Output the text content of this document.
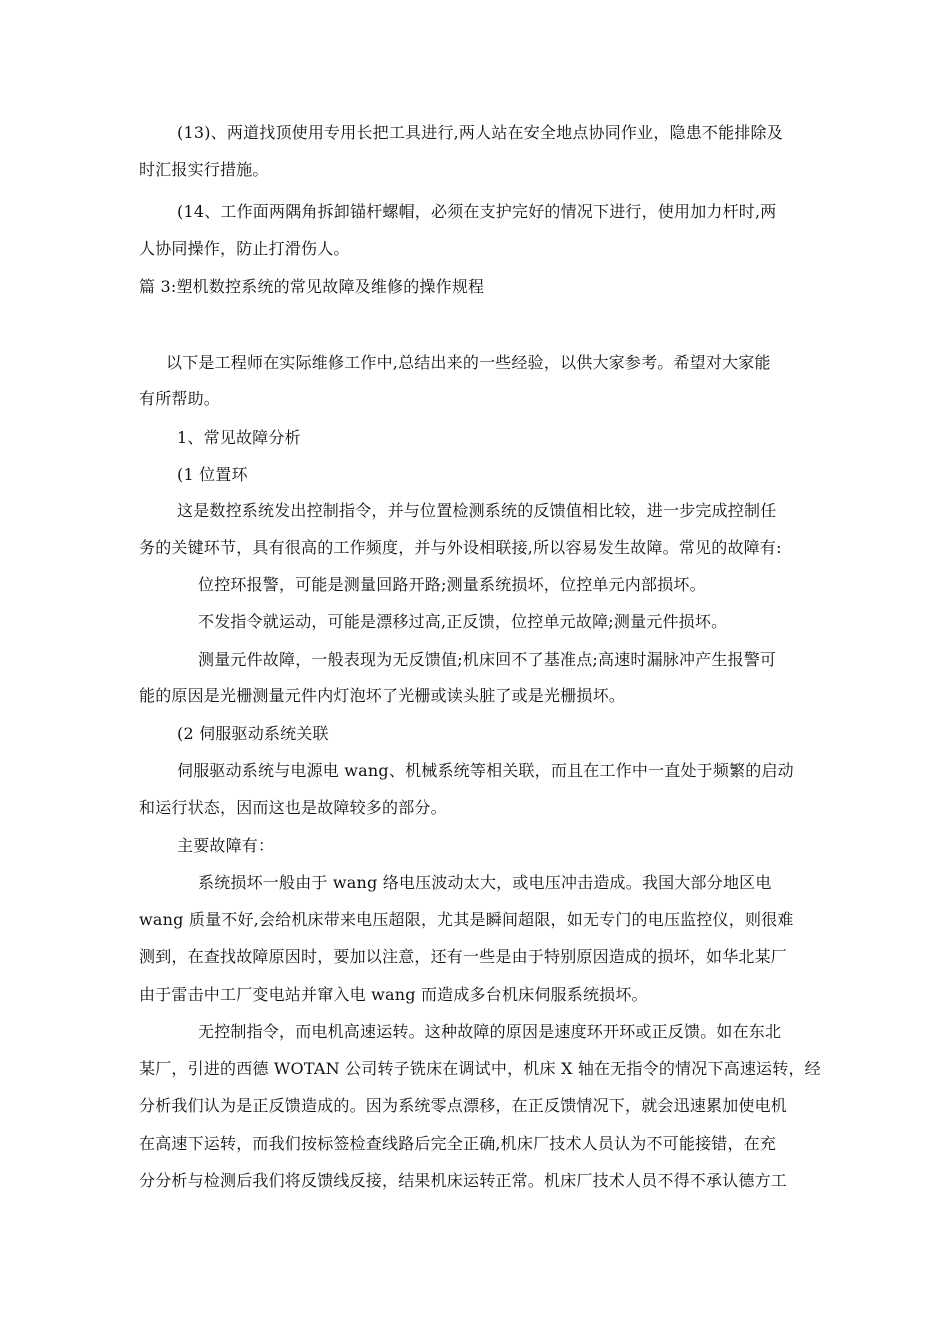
(13)、两道找顶使用专用长把工具进行,两人站在安全地点协同作业，隐患不能排除及
时汇报实行措施。
(14、工作面两隅角拆卸锚杆螺帽，必须在支护完好的情况下进行，使用加力杆时,两
人协同操作，防止打滑伤人。
篇 3:塑机数控系统的常见故障及维修的操作规程
以下是工程师在实际维修工作中,总结出来的一些经验，以供大家参考。希望对大家能
有所帮助。
1、常见故障分析
(1 位置环
这是数控系统发出控制指令，并与位置检测系统的反馈值相比较，进一步完成控制任
务的关键环节，具有很高的工作频度，并与外设相联接,所以容易发生故障。常见的故障有:
位控环报警，可能是测量回路开路;测量系统损坏，位控单元内部损坏。
不发指令就运动，可能是漂移过高,正反馈，位控单元故障;测量元件损坏。
测量元件故障，一般表现为无反馈值;机床回不了基准点;高速时漏脉冲产生报警可
能的原因是光栅测量元件内灯泡坏了光栅或读头脏了或是光栅损坏。
(2 伺服驱动系统关联
伺服驱动系统与电源电 wang、机械系统等相关联，而且在工作中一直处于频繁的启动
和运行状态，因而这也是故障较多的部分。
主要故障有：
系统损坏一般由于 wang 络电压波动太大，或电压冲击造成。我国大部分地区电
wang 质量不好,会给机床带来电压超限，尤其是瞬间超限，如无专门的电压监控仪，则很难
测到，在查找故障原因时，要加以注意，还有一些是由于特别原因造成的损坏，如华北某厂
由于雷击中工厂变电站并窜入电 wang 而造成多台机床伺服系统损坏。
无控制指令，而电机高速运转。这种故障的原因是速度环开环或正反馈。如在东北
某厂，引进的西德 WOTAN 公司转子铣床在调试中，机床 X 轴在无指令的情况下高速运转，经
分析我们认为是正反馈造成的。因为系统零点漂移，在正反馈情况下，就会迅速累加使电机
在高速下运转，而我们按标签检查线路后完全正确,机床厂技术人员认为不可能接错，在充
分分析与检测后我们将反馈线反接，结果机床运转正常。机床厂技术人员不得不承认德方工
